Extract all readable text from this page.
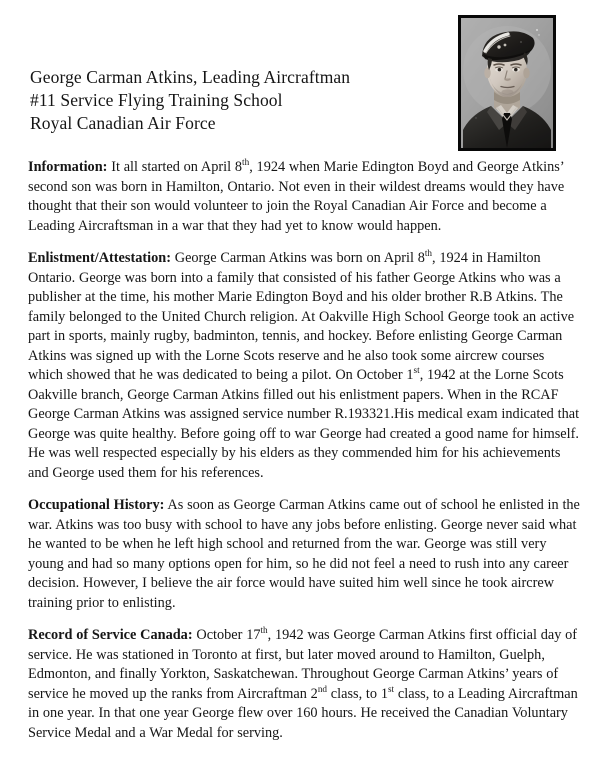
George Carman Atkins, Leading Aircraftman
#11 Service Flying Training School
Royal Canadian Air Force

Information: It all started on April 8th, 1924 when Marie Edington Boyd and George Atkins’ second son was born in Hamilton, Ontario. Not even in their wildest dreams would they have thought that their son would volunteer to join the Royal Canadian Air Force and become a Leading Aircraftsman in a war that they had yet to know would happen.

Enlistment/Attestation: George Carman Atkins was born on April 8th, 1924 in Hamilton Ontario. George was born into a family that consisted of his father George Atkins who was a publisher at the time, his mother Marie Edington Boyd and his older brother R.B Atkins. The family belonged to the United Church religion. At Oakville High School George took an active part in sports, mainly rugby, badminton, tennis, and hockey. Before enlisting George Carman Atkins was signed up with the Lorne Scots reserve and he also took some aircrew courses which showed that he was dedicated to being a pilot. On October 1st, 1942 at the Lorne Scots Oakville branch, George Carman Atkins filled out his enlistment papers. When in the RCAF George Carman Atkins was assigned service number R.193321.His medical exam indicated that George was quite healthy. Before going off to war George had created a good name for himself. He was well respected especially by his elders as they commended him for his achievements and George used them for his references.

Occupational History: As soon as George Carman Atkins came out of school he enlisted in the war. Atkins was too busy with school to have any jobs before enlisting. George never said what he wanted to be when he left high school and returned from the war. George was still very young and had so many options open for him, so he did not feel a need to rush into any career decision. However, I believe the air force would have suited him well since he took aircrew training prior to enlisting.

Record of Service Canada: October 17th, 1942 was George Carman Atkins first official day of service. He was stationed in Toronto at first, but later moved around to Hamilton, Guelph, Edmonton, and finally Yorkton, Saskatchewan. Throughout George Carman Atkins’ years of service he moved up the ranks from Aircraftman 2nd class, to 1st class, to a Leading Aircraftman in one year. In that one year George flew over 160 hours. He received the Canadian Voluntary Service Medal and a War Medal for serving.
